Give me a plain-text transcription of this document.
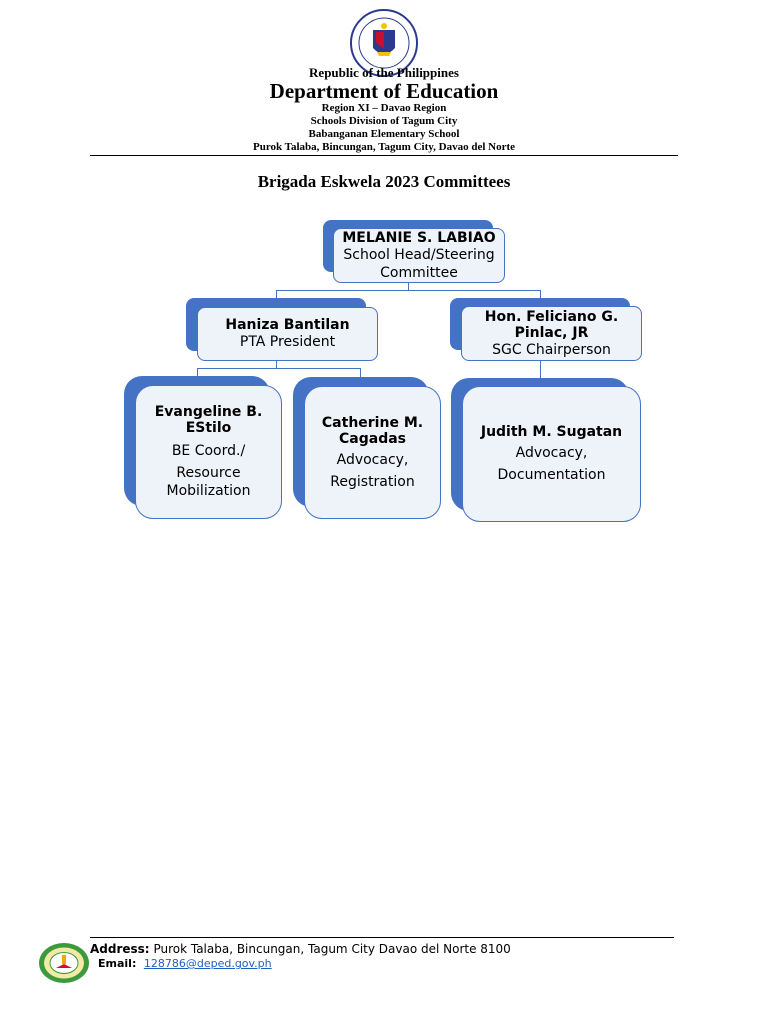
Republic of the Philippines
Department of Education
Region XI – Davao Region
Schools Division of Tagum City
Babanganan Elementary School
Purok Talaba, Bincungan, Tagum City, Davao del Norte
Brigada Eskwela 2023 Committees
MELANIE S. LABIAO
School Head/Steering Committee
Haniza Bantilan
PTA President
Hon. Feliciano G. Pinlac, JR
SGC Chairperson
Evangeline B. EStilo
BE Coord./
Resource Mobilization
Catherine M. Cagadas
Advocacy,
Registration
Judith M. Sugatan
Advocacy,
Documentation
Address: Purok Talaba, Bincungan, Tagum City Davao del Norte 8100
Email: 128786@deped.gov.ph
